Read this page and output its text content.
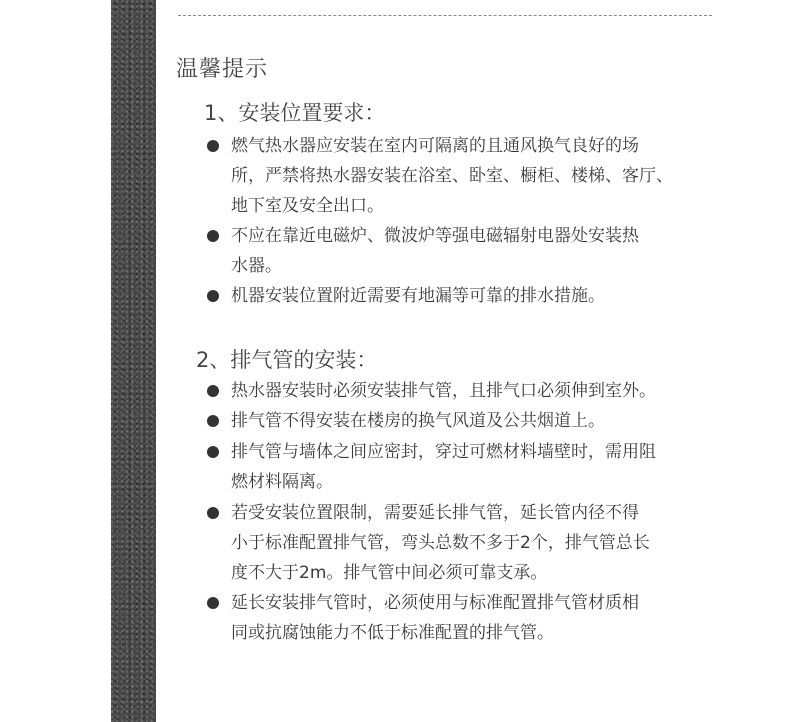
温馨提示
1、安装位置要求：
燃气热水器应安装在室内可隔离的且通风换气良好的场
所，严禁将热水器安装在浴室、卧室、橱柜、楼梯、客厅、
地下室及安全出口。
不应在靠近电磁炉、微波炉等强电磁辐射电器处安装热
水器。
机器安装位置附近需要有地漏等可靠的排水措施。
2、排气管的安装：
热水器安装时必须安装排气管，且排气口必须伸到室外。
排气管不得安装在楼房的换气风道及公共烟道上。
排气管与墙体之间应密封，穿过可燃材料墙壁时，需用阻
燃材料隔离。
若受安装位置限制，需要延长排气管，延长管内径不得
小于标准配置排气管，弯头总数不多于2个，排气管总长
度不大于2m。排气管中间必须可靠支承。
延长安装排气管时，必须使用与标准配置排气管材质相
同或抗腐蚀能力不低于标准配置的排气管。
